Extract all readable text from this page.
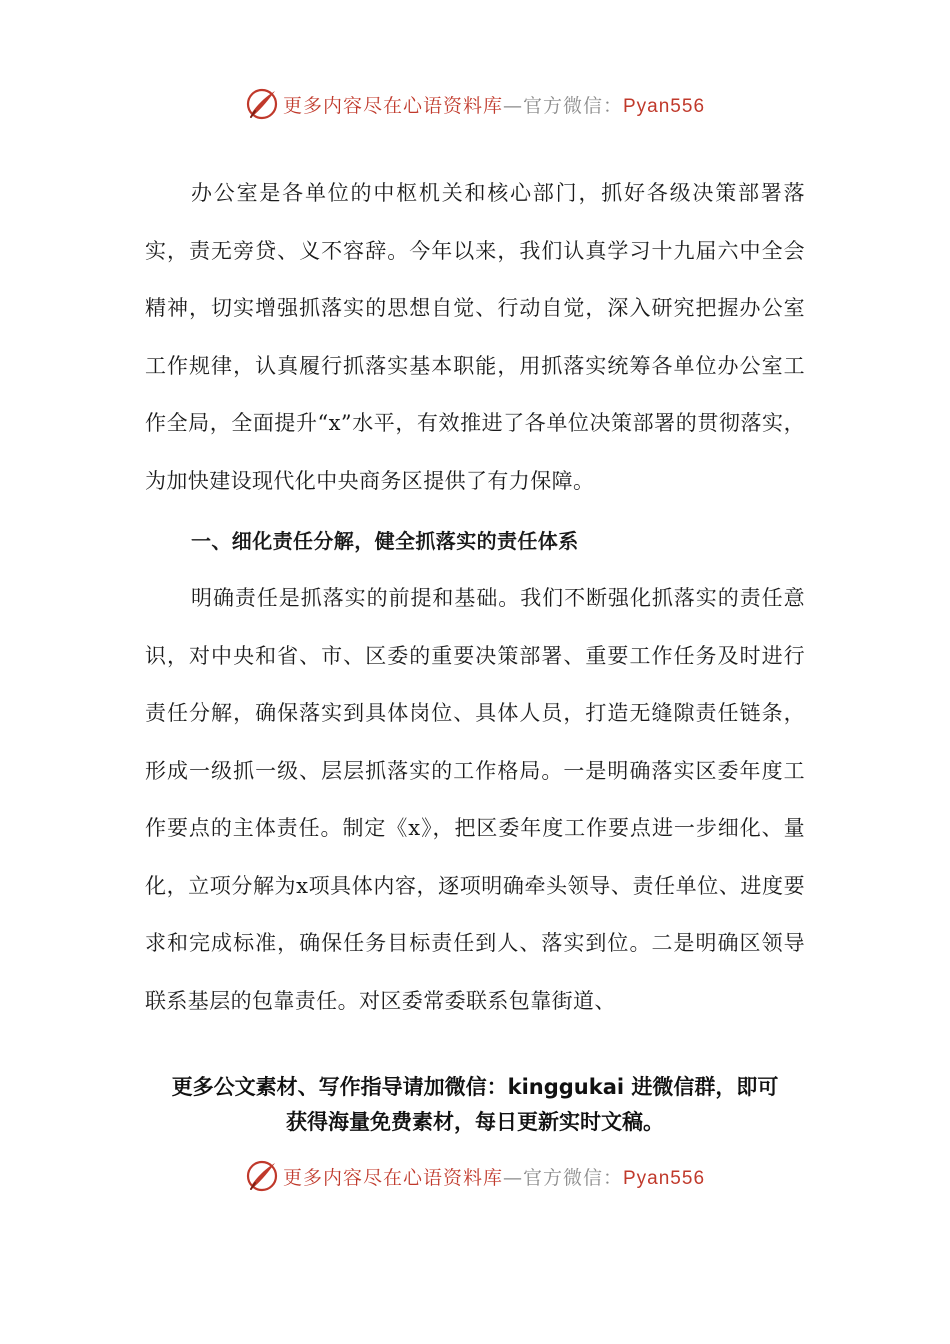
更多内容尽在心语资料库—官方微信：Pyan556

办公室是各单位的中枢机关和核心部门，抓好各级决策部署落实，责无旁贷、义不容辞。今年以来，我们认真学习十九届六中全会精神，切实增强抓落实的思想自觉、行动自觉，深入研究把握办公室工作规律，认真履行抓落实基本职能，用抓落实统筹各单位办公室工作全局，全面提升“x”水平，有效推进了各单位决策部署的贯彻落实，为加快建设现代化中央商务区提供了有力保障。

一、细化责任分解，健全抓落实的责任体系

明确责任是抓落实的前提和基础。我们不断强化抓落实的责任意识，对中央和省、市、区委的重要决策部署、重要工作任务及时进行责任分解，确保落实到具体岗位、具体人员，打造无缝隙责任链条，形成一级抓一级、层层抓落实的工作格局。一是明确落实区委年度工作要点的主体责任。制定《x》，把区委年度工作要点进一步细化、量化，立项分解为x项具体内容，逐项明确牵头领导、责任单位、进度要求和完成标准，确保任务目标责任到人、落实到位。二是明确区领导联系基层的包靠责任。对区委常委联系包靠街道、

更多公文素材、写作指导请加微信：kinggukai 进微信群，即可
获得海量免费素材，每日更新实时文稿。
更多内容尽在心语资料库—官方微信：Pyan556
